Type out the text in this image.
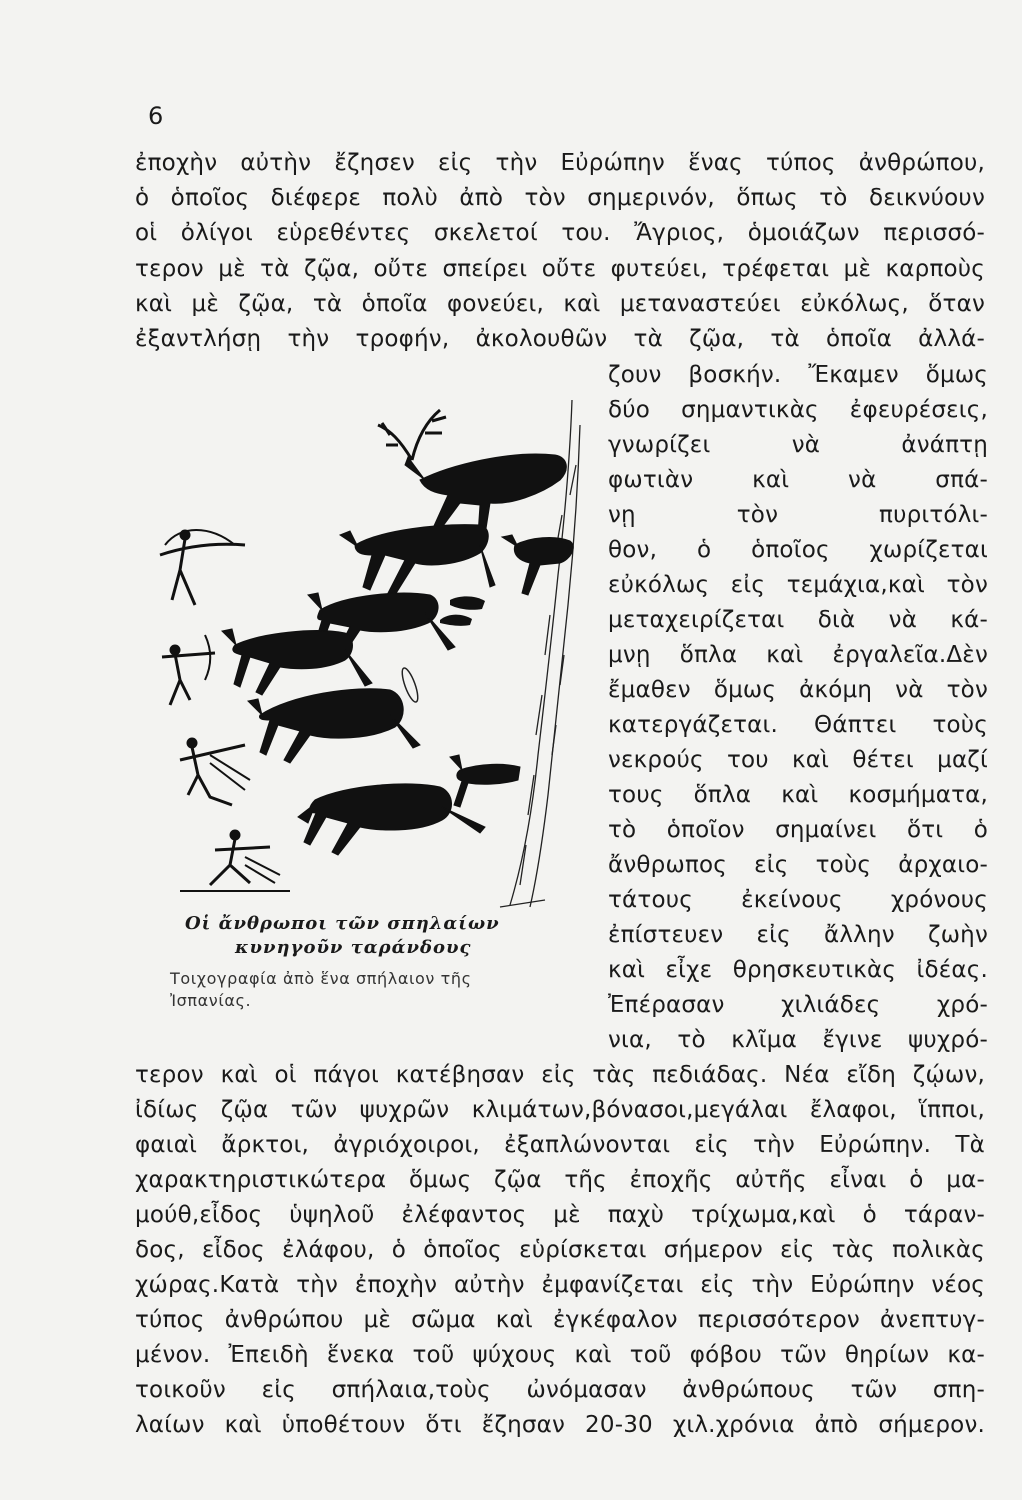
6
ἐποχὴν αὐτὴν ἔζησεν εἰς τὴν Εὐρώπην ἕνας τύπος ἀνθρώπου,
ὁ ὁποῖος διέφερε πολὺ ἀπὸ τὸν σημερινόν, ὅπως τὸ δεικνύουν
οἱ ὀλίγοι εὑρεθέντες σκελετοί του. Ἄγριος, ὁμοιάζων περισσό-
τερον μὲ τὰ ζῷα, οὔτε σπείρει οὔτε φυτεύει, τρέφεται μὲ καρποὺς
καὶ μὲ ζῷα, τὰ ὁποῖα φονεύει, καὶ μεταναστεύει εὐκόλως, ὅταν
ἐξαντλήσῃ τὴν τροφήν, ἀκολουθῶν τὰ ζῷα, τὰ ὁποῖα ἀλλά-
ζουν βοσκήν. Ἔκαμεν ὅμως
δύο σημαντικὰς ἐφευρέσεις,
γνωρίζει νὰ ἀνάπτῃ
φωτιὰν καὶ νὰ σπά-
νῃ τὸν πυριτόλι-
θον, ὁ ὁποῖος χωρίζεται
εὐκόλως εἰς τεμάχια,καὶ τὸν
μεταχειρίζεται διὰ νὰ κά-
μνῃ ὅπλα καὶ ἐργαλεῖα.Δὲν
ἔμαθεν ὅμως ἀκόμη νὰ τὸν
κατεργάζεται. Θάπτει τοὺς
νεκρούς του καὶ θέτει μαζί
τους ὅπλα καὶ κοσμήματα,
τὸ ὁποῖον σημαίνει ὅτι ὁ
ἄνθρωπος εἰς τοὺς ἀρχαιο-
τάτους ἐκείνους χρόνους
ἐπίστευεν εἰς ἄλλην ζωὴν
καὶ εἶχε θρησκευτικὰς ἰδέας.
Ἐπέρασαν χιλιάδες χρό-
νια, τὸ κλῖμα ἔγινε ψυχρό-
τερον καὶ οἱ πάγοι κατέβησαν εἰς τὰς πεδιάδας. Νέα εἴδη ζῴων,
ἰδίως ζῷα τῶν ψυχρῶν κλιμάτων,βόνασοι,μεγάλαι ἔλαφοι, ἵπποι,
φαιαὶ ἄρκτοι, ἀγριόχοιροι, ἐξαπλώνονται εἰς τὴν Εὐρώπην. Τὰ
χαρακτηριστικώτερα ὅμως ζῷα τῆς ἐποχῆς αὐτῆς εἶναι ὁ μα-
μούθ,εἶδος ὑψηλοῦ ἐλέφαντος μὲ παχὺ τρίχωμα,καὶ ὁ τάραν-
δος, εἶδος ἐλάφου, ὁ ὁποῖος εὑρίσκεται σήμερον εἰς τὰς πολικὰς
χώρας.Κατὰ τὴν ἐποχὴν αὐτὴν ἐμφανίζεται εἰς τὴν Εὐρώπην νέος
τύπος ἀνθρώπου μὲ σῶμα καὶ ἐγκέφαλον περισσότερον ἀνεπτυγ-
μένον. Ἐπειδὴ ἕνεκα τοῦ ψύχους καὶ τοῦ φόβου τῶν θηρίων κα-
τοικοῦν εἰς σπήλαια,τοὺς ὠνόμασαν ἀνθρώπους τῶν σπη-
λαίων καὶ ὑποθέτουν ὅτι ἔζησαν 20-30 χιλ.χρόνια ἀπὸ σήμερον.
Οἱ ἄνθρωποι τῶν σπηλαίων
κυνηγοῦν ταράνδους
Τοιχογραφία ἀπὸ ἕνα σπήλαιον τῆς
Ἰσπανίας.
